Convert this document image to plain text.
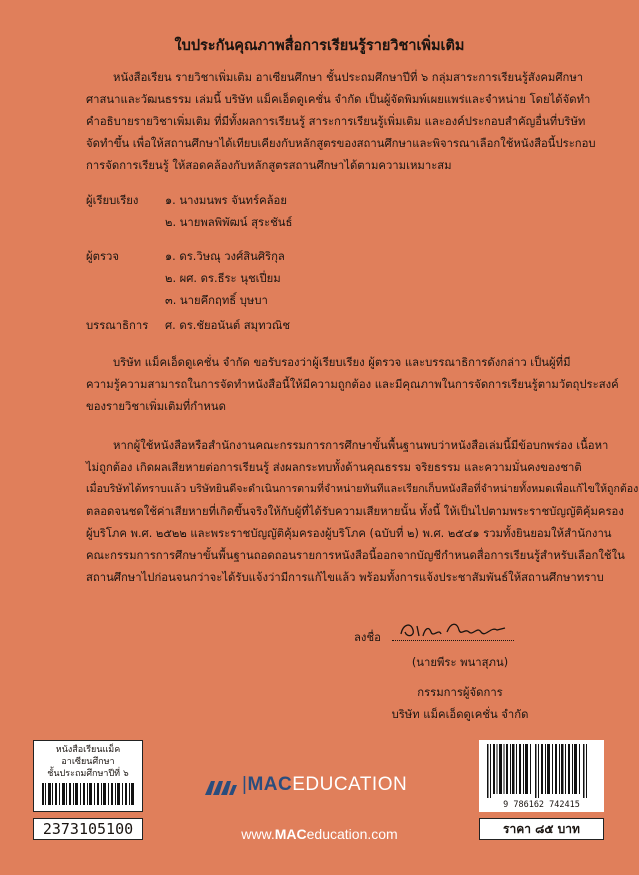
ใบประกันคุณภาพสื่อการเรียนรู้รายวิชาเพิ่มเติม
หนังสือเรียน รายวิชาเพิ่มเติม อาเซียนศึกษา ชั้นประถมศึกษาปีที่ ๖ กลุ่มสาระการเรียนรู้สังคมศึกษา
ศาสนาและวัฒนธรรม เล่มนี้ บริษัท แม็คเอ็ดดูเคชั่น จำกัด เป็นผู้จัดพิมพ์เผยแพร่และจำหน่าย โดยได้จัดทำ
คำอธิบายรายวิชาเพิ่มเติม ที่มีทั้งผลการเรียนรู้ สาระการเรียนรู้เพิ่มเติม และองค์ประกอบสำคัญอื่นที่บริษัท
จัดทำขึ้น เพื่อให้สถานศึกษาได้เทียบเคียงกับหลักสูตรของสถานศึกษาและพิจารณาเลือกใช้หนังสือนี้ประกอบ
การจัดการเรียนรู้ ให้สอดคล้องกับหลักสูตรสถานศึกษาได้ตามความเหมาะสม
ผู้เรียบเรียง ๑. นางมนพร จันทร์คล้อย
๒. นายพลพิพัฒน์ สุระชันธ์
ผู้ตรวจ	๑. ดร.วิษณุ วงศ์สินศิริกุล
๒. ผศ. ดร.ธีระ นุชเปี่ยม
๓. นายคึกฤทธิ์ บุษบา
บรรณาธิการ ศ. ดร.ชัยอนันต์ สมุทวณิช
บริษัท แม็คเอ็ดดูเคชั่น จำกัด ขอรับรองว่าผู้เรียบเรียง ผู้ตรวจ และบรรณาธิการดังกล่าว เป็นผู้ที่มี
ความรู้ความสามารถในการจัดทำหนังสือนี้ให้มีความถูกต้อง และมีคุณภาพในการจัดการเรียนรู้ตามวัตถุประสงค์
ของรายวิชาเพิ่มเติมที่กำหนด
หากผู้ใช้หนังสือหรือสำนักงานคณะกรรมการการศึกษาขั้นพื้นฐานพบว่าหนังสือเล่มนี้มีข้อบกพร่อง เนื้อหา
ไม่ถูกต้อง เกิดผลเสียหายต่อการเรียนรู้ ส่งผลกระทบทั้งด้านคุณธรรม จริยธรรม และความมั่นคงของชาติ
เมื่อบริษัทได้ทราบแล้ว บริษัทยินดีจะดำเนินการตามที่จำหน่ายทันทีและเรียกเก็บหนังสือที่จำหน่ายทั้งหมดเพื่อแก้ไขให้ถูกต้อง
ตลอดจนชดใช้ค่าเสียหายที่เกิดขึ้นจริงให้กับผู้ที่ได้รับความเสียหายนั้น ทั้งนี้ ให้เป็นไปตามพระราชบัญญัติคุ้มครอง
ผู้บริโภค พ.ศ. ๒๕๒๒ และพระราชบัญญัติคุ้มครองผู้บริโภค (ฉบับที่ ๒) พ.ศ. ๒๕๔๑ รวมทั้งยินยอมให้สำนักงาน
คณะกรรมการการศึกษาขั้นพื้นฐานถอดถอนรายการหนังสือนี้ออกจากบัญชีกำหนดสื่อการเรียนรู้สำหรับเลือกใช้ใน
สถานศึกษาไปก่อนจนกว่าจะได้รับแจ้งว่ามีการแก้ไขแล้ว พร้อมทั้งการแจ้งประชาสัมพันธ์ให้สถานศึกษาทราบ
ลงชื่อ
(นายพีระ พนาสุภน)
กรรมการผู้จัดการ
บริษัท แม็คเอ็ดดูเคชั่น จำกัด
หนังสือเรียนแม็ค
อาเซียนศึกษา
ชั้นประถมศึกษาปีที่ ๖
2373105100
|MACEDUCATION
www.MACeducation.com
9 786162 742415
ราคา ๘๕ บาท
